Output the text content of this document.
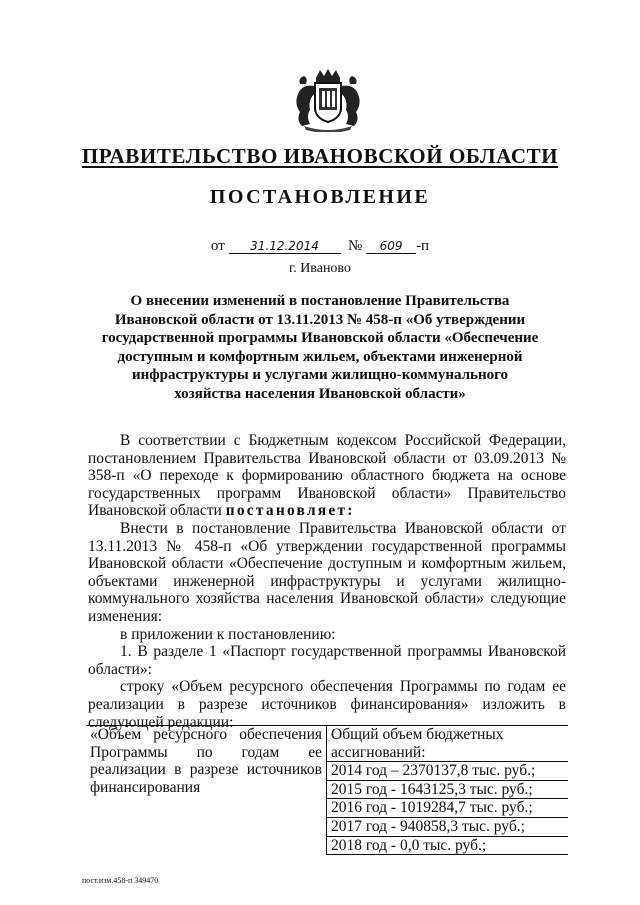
ПРАВИТЕЛЬСТВО ИВАНОВСКОЙ ОБЛАСТИ
ПОСТАНОВЛЕНИЕ
от 31.12.2014 № 609 -п
г. Иваново
О внесении изменений в постановление Правительства Ивановской области от 13.11.2013 № 458-п «Об утверждении государственной программы Ивановской области «Обеспечение доступным и комфортным жильем, объектами инженерной инфраструктуры и услугами жилищно-коммунального хозяйства населения Ивановской области»

В соответствии с Бюджетным кодексом Российской Федерации, постановлением Правительства Ивановской области от 03.09.2013 № 358-п «О переходе к формированию областного бюджета на основе государственных программ Ивановской области» Правительство Ивановской области постановляет:

Внести в постановление Правительства Ивановской области от 13.11.2013 № 458-п «Об утверждении государственной программы Ивановской области «Обеспечение доступным и комфортным жильем, объектами инженерной инфраструктуры и услугами жилищно-коммунального хозяйства населения Ивановской области» следующие изменения:

в приложении к постановлению:

1. В разделе 1 «Паспорт государственной программы Ивановской области»:

строку «Объем ресурсного обеспечения Программы по годам ее реализации в разрезе источников финансирования» изложить в следующей редакции:

«Объем ресурсного обеспечения Программы по годам ее реализации в разрезе источников финансирования	Общий объем бюджетных ассигнований:
2014 год – 2370137,8 тыс. руб.;
2015 год - 1643125,3 тыс. руб.;
2016 год - 1019284,7 тыс. руб.;
2017 год - 940858,3 тыс. руб.;
2018 год - 0,0 тыс. руб.;
пост.изм.458-п 349470
